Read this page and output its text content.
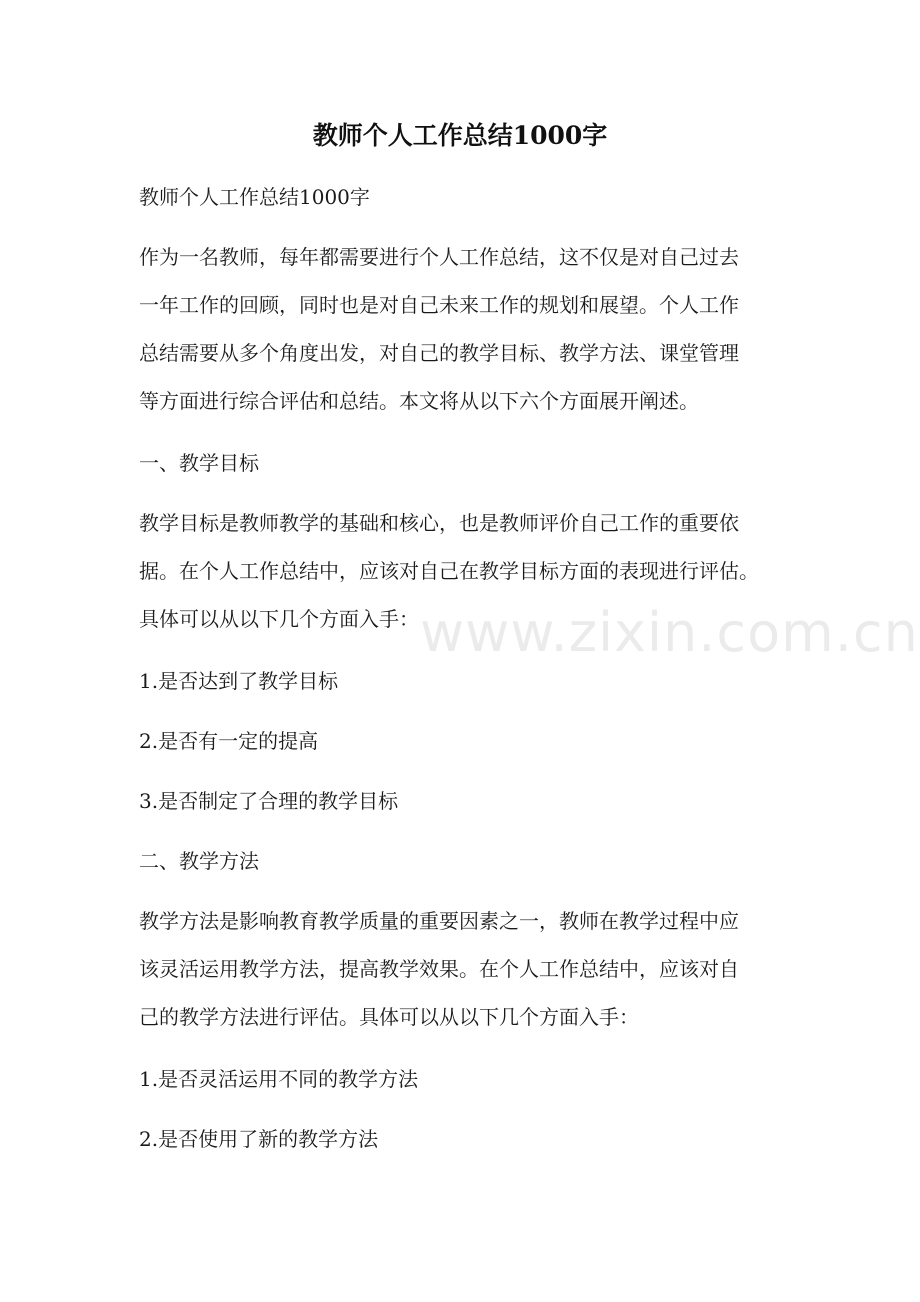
教师个人工作总结1000字
教师个人工作总结1000字
作为一名教师，每年都需要进行个人工作总结，这不仅是对自己过去
一年工作的回顾，同时也是对自己未来工作的规划和展望。个人工作
总结需要从多个角度出发，对自己的教学目标、教学方法、课堂管理
等方面进行综合评估和总结。本文将从以下六个方面展开阐述。
一、教学目标
教学目标是教师教学的基础和核心，也是教师评价自己工作的重要依
据。在个人工作总结中，应该对自己在教学目标方面的表现进行评估。
具体可以从以下几个方面入手：
1.是否达到了教学目标
2.是否有一定的提高
3.是否制定了合理的教学目标
二、教学方法
教学方法是影响教育教学质量的重要因素之一，教师在教学过程中应
该灵活运用教学方法，提高教学效果。在个人工作总结中，应该对自
己的教学方法进行评估。具体可以从以下几个方面入手：
1.是否灵活运用不同的教学方法
2.是否使用了新的教学方法
www.zixin.com.cn
